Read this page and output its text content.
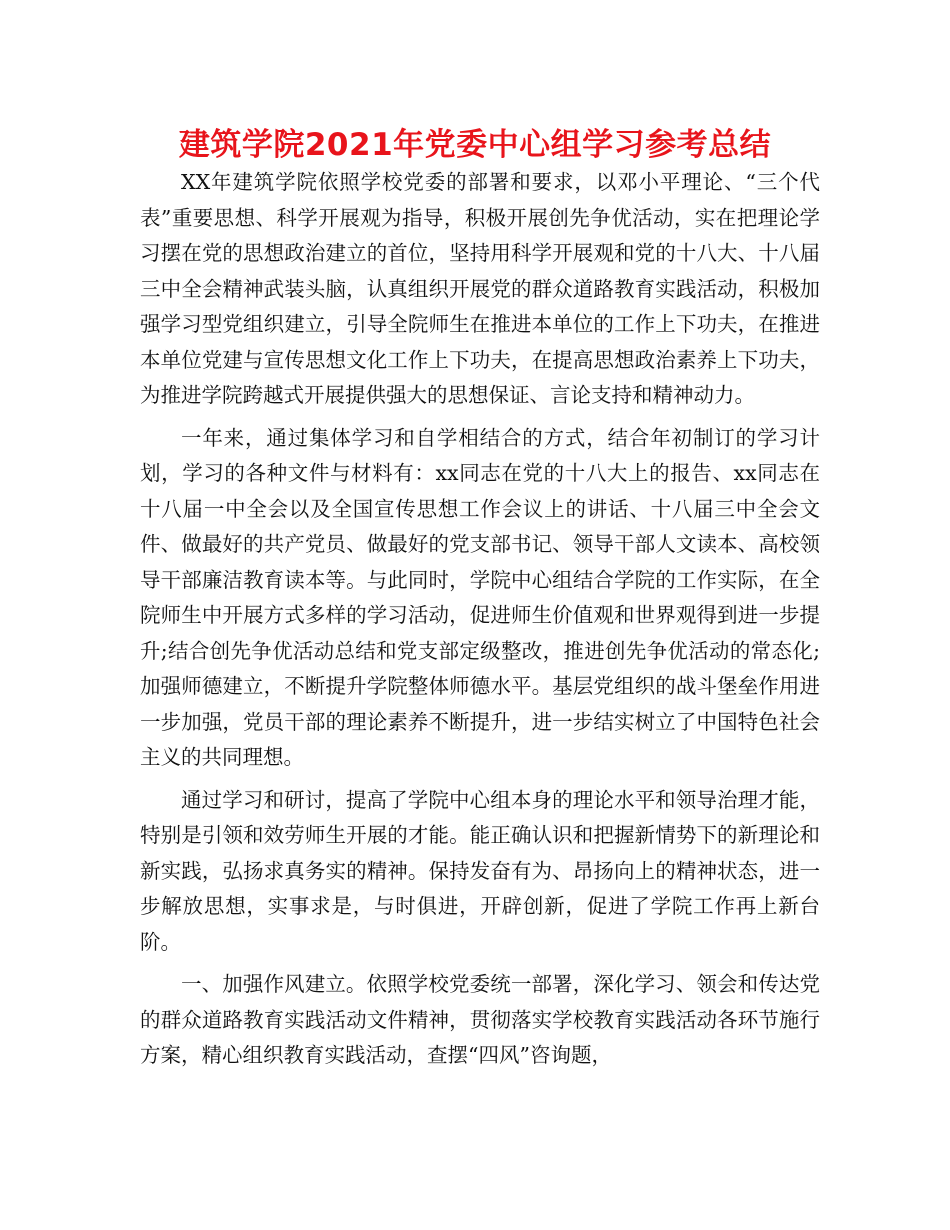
建筑学院2021年党委中心组学习参考总结

XX年建筑学院依照学校党委的部署和要求，以邓小平理论、“三个代表”重要思想、科学开展观为指导，积极开展创先争优活动，实在把理论学习摆在党的思想政治建立的首位，坚持用科学开展观和党的十八大、十八届三中全会精神武装头脑，认真组织开展党的群众道路教育实践活动，积极加强学习型党组织建立，引导全院师生在推进本单位的工作上下功夫，在推进本单位党建与宣传思想文化工作上下功夫，在提高思想政治素养上下功夫，为推进学院跨越式开展提供强大的思想保证、言论支持和精神动力。

一年来，通过集体学习和自学相结合的方式，结合年初制订的学习计划，学习的各种文件与材料有：xx同志在党的十八大上的报告、xx同志在十八届一中全会以及全国宣传思想工作会议上的讲话、十八届三中全会文件、做最好的共产党员、做最好的党支部书记、领导干部人文读本、高校领导干部廉洁教育读本等。与此同时，学院中心组结合学院的工作实际，在全院师生中开展方式多样的学习活动，促进师生价值观和世界观得到进一步提升;结合创先争优活动总结和党支部定级整改，推进创先争优活动的常态化;加强师德建立，不断提升学院整体师德水平。基层党组织的战斗堡垒作用进一步加强，党员干部的理论素养不断提升，进一步结实树立了中国特色社会主义的共同理想。

通过学习和研讨，提高了学院中心组本身的理论水平和领导治理才能，特别是引领和效劳师生开展的才能。能正确认识和把握新情势下的新理论和新实践，弘扬求真务实的精神。保持发奋有为、昂扬向上的精神状态，进一步解放思想，实事求是，与时俱进，开辟创新，促进了学院工作再上新台阶。

一、加强作风建立。依照学校党委统一部署，深化学习、领会和传达党的群众道路教育实践活动文件精神，贯彻落实学校教育实践活动各环节施行方案，精心组织教育实践活动，查摆“四风”咨询题，
